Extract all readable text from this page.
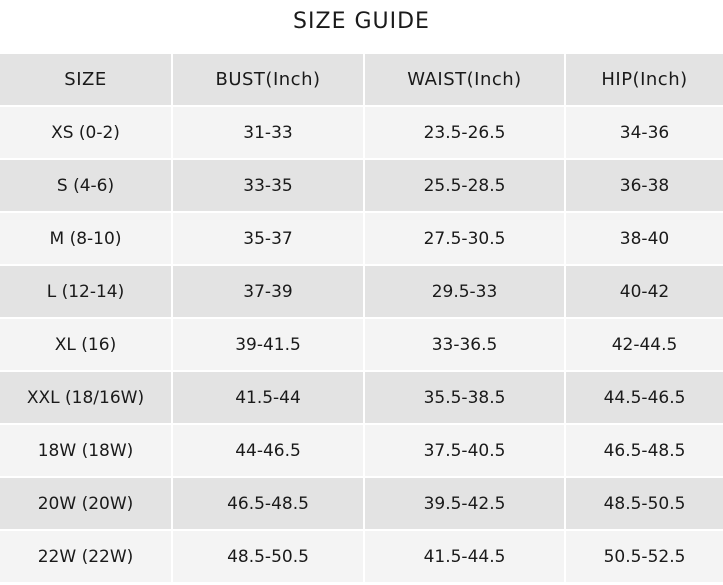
SIZE GUIDE
SIZE	BUST(Inch)	WAIST(Inch)	HIP(Inch)
XS (0-2)	31-33	23.5-26.5	34-36
S (4-6)	33-35	25.5-28.5	36-38
M (8-10)	35-37	27.5-30.5	38-40
L (12-14)	37-39	29.5-33	40-42
XL (16)	39-41.5	33-36.5	42-44.5
XXL (18/16W)	41.5-44	35.5-38.5	44.5-46.5
18W (18W)	44-46.5	37.5-40.5	46.5-48.5
20W (20W)	46.5-48.5	39.5-42.5	48.5-50.5
22W (22W)	48.5-50.5	41.5-44.5	50.5-52.5
